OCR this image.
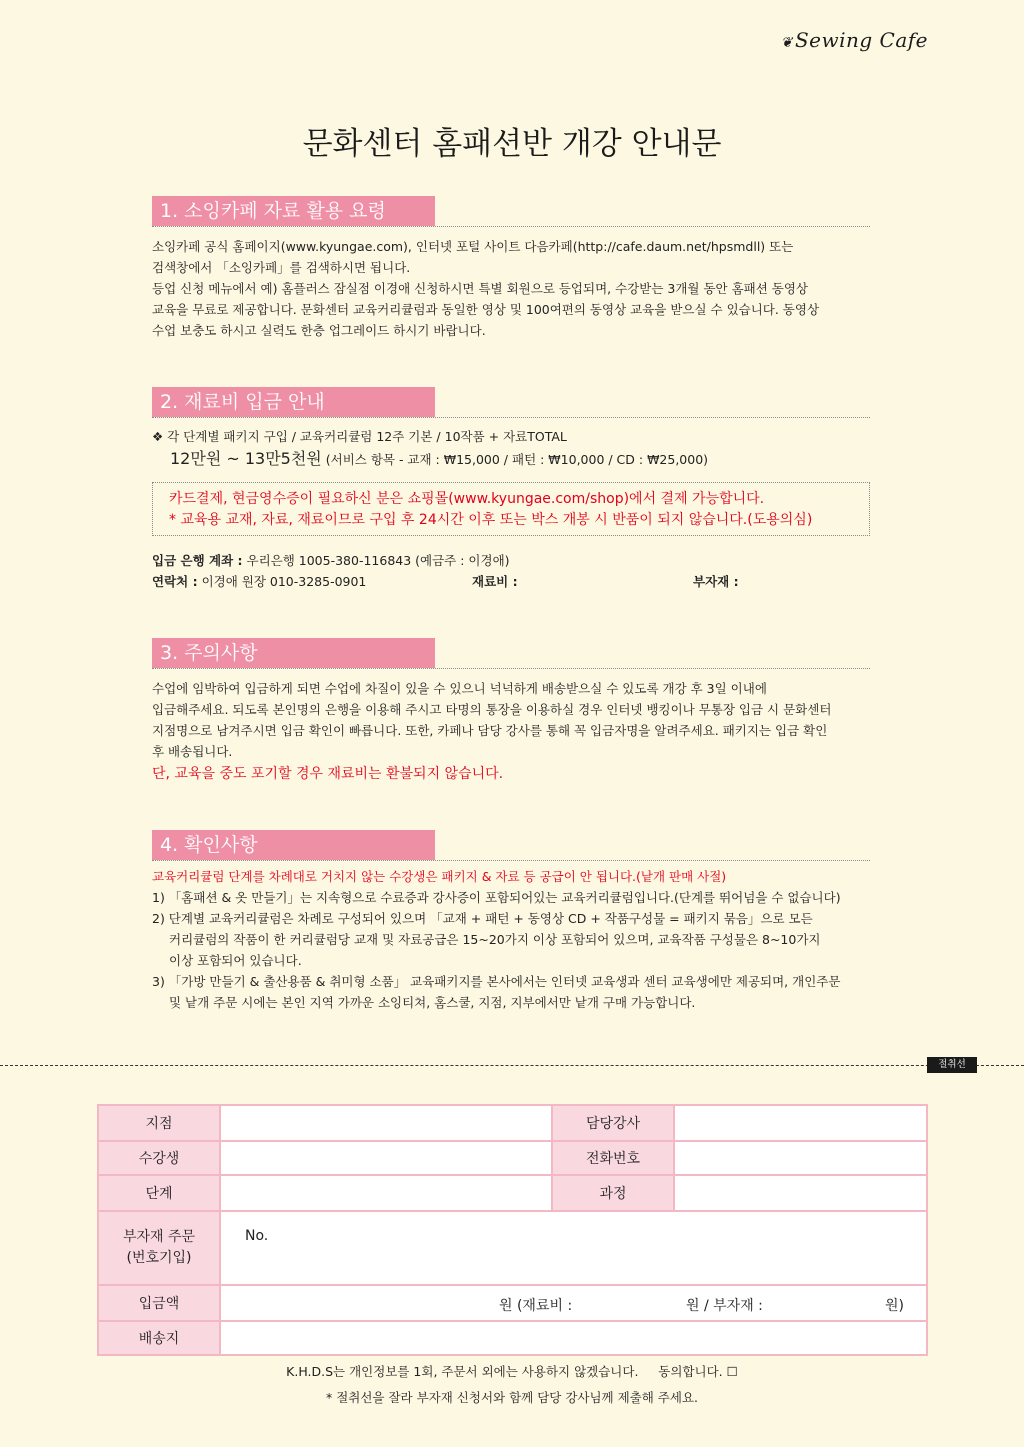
❦ Sewing Cafe
문화센터 홈패션반 개강 안내문
1. 소잉카페 자료 활용 요령

소잉카페 공식 홈페이지(www.kyungae.com), 인터넷 포털 사이트 다음카페(http://cafe.daum.net/hpsmdll) 또는

검색창에서 「소잉카페」를 검색하시면 됩니다.

등업 신청 메뉴에서 예) 홈플러스 잠실점 이경애 신청하시면 특별 회원으로 등업되며, 수강받는 3개월 동안 홈패션 동영상

교육을 무료로 제공합니다. 문화센터 교육커리큘럼과 동일한 영상 및 100여편의 동영상 교육을 받으실 수 있습니다. 동영상

수업 보충도 하시고 실력도 한층 업그레이드 하시기 바랍니다.

2. 재료비 입금 안내

❖ 각 단계별 패키지 구입 / 교육커리큘럼 12주 기본 / 10작품 + 자료TOTAL

12만원 ~ 13만5천원 (서비스 항목 - 교재 : ₩15,000 / 패턴 : ₩10,000 / CD : ₩25,000)

카드결제, 현금영수증이 필요하신 분은 쇼핑몰(www.kyungae.com/shop)에서 결제 가능합니다.
* 교육용 교재, 자료, 재료이므로 구입 후 24시간 이후 또는 박스 개봉 시 반품이 되지 않습니다.(도용의심)

입금 은행 계좌 : 우리은행 1005-380-116843 (예금주 : 이경애)

연락처 : 이경애 원장 010-3285-0901	재료비 :	부자재 :

3. 주의사항

수업에 임박하여 입금하게 되면 수업에 차질이 있을 수 있으니 넉넉하게 배송받으실 수 있도록 개강 후 3일 이내에

입금해주세요. 되도록 본인명의 은행을 이용해 주시고 타명의 통장을 이용하실 경우 인터넷 뱅킹이나 무통장 입금 시 문화센터

지점명으로 남겨주시면 입금 확인이 빠릅니다. 또한, 카페나 담당 강사를 통해 꼭 입금자명을 알려주세요. 패키지는 입금 확인

후 배송됩니다.

단, 교육을 중도 포기할 경우 재료비는 환불되지 않습니다.

4. 확인사항

교육커리큘럼 단계를 차례대로 거치지 않는 수강생은 패키지 & 자료 등 공급이 안 됩니다.(낱개 판매 사절)

1) 「홈패션 & 옷 만들기」는 지속형으로 수료증과 강사증이 포함되어있는 교육커리큘럼입니다.(단계를 뛰어넘을 수 없습니다)

2) 단계별 교육커리큘럼은 차례로 구성되어 있으며 「교재 + 패턴 + 동영상 CD + 작품구성물 = 패키지 묶음」으로 모든

커리큘럼의 작품이 한 커리큘럼당 교재 및 자료공급은 15~20가지 이상 포함되어 있으며, 교육작품 구성물은 8~10가지

이상 포함되어 있습니다.

3) 「가방 만들기 & 출산용품 & 취미형 소품」 교육패키지를 본사에서는 인터넷 교육생과 센터 교육생에만 제공되며, 개인주문

및 낱개 주문 시에는 본인 지역 가까운 소잉티쳐, 홈스쿨, 지점, 지부에서만 낱개 구매 가능합니다.

절취선
지점		담당강사	
수강생		전화번호	
단계		과정	

부자재 주문
(번호기입)	No.		
입금액	원 (재료비 : 원 / 부자재 : 원)		

배송지			
K.H.D.S는 개인정보를 1회, 주문서 외에는 사용하지 않겠습니다. 동의합니다. ☐
* 절취선을 잘라 부자재 신청서와 함께 담당 강사님께 제출해 주세요.
